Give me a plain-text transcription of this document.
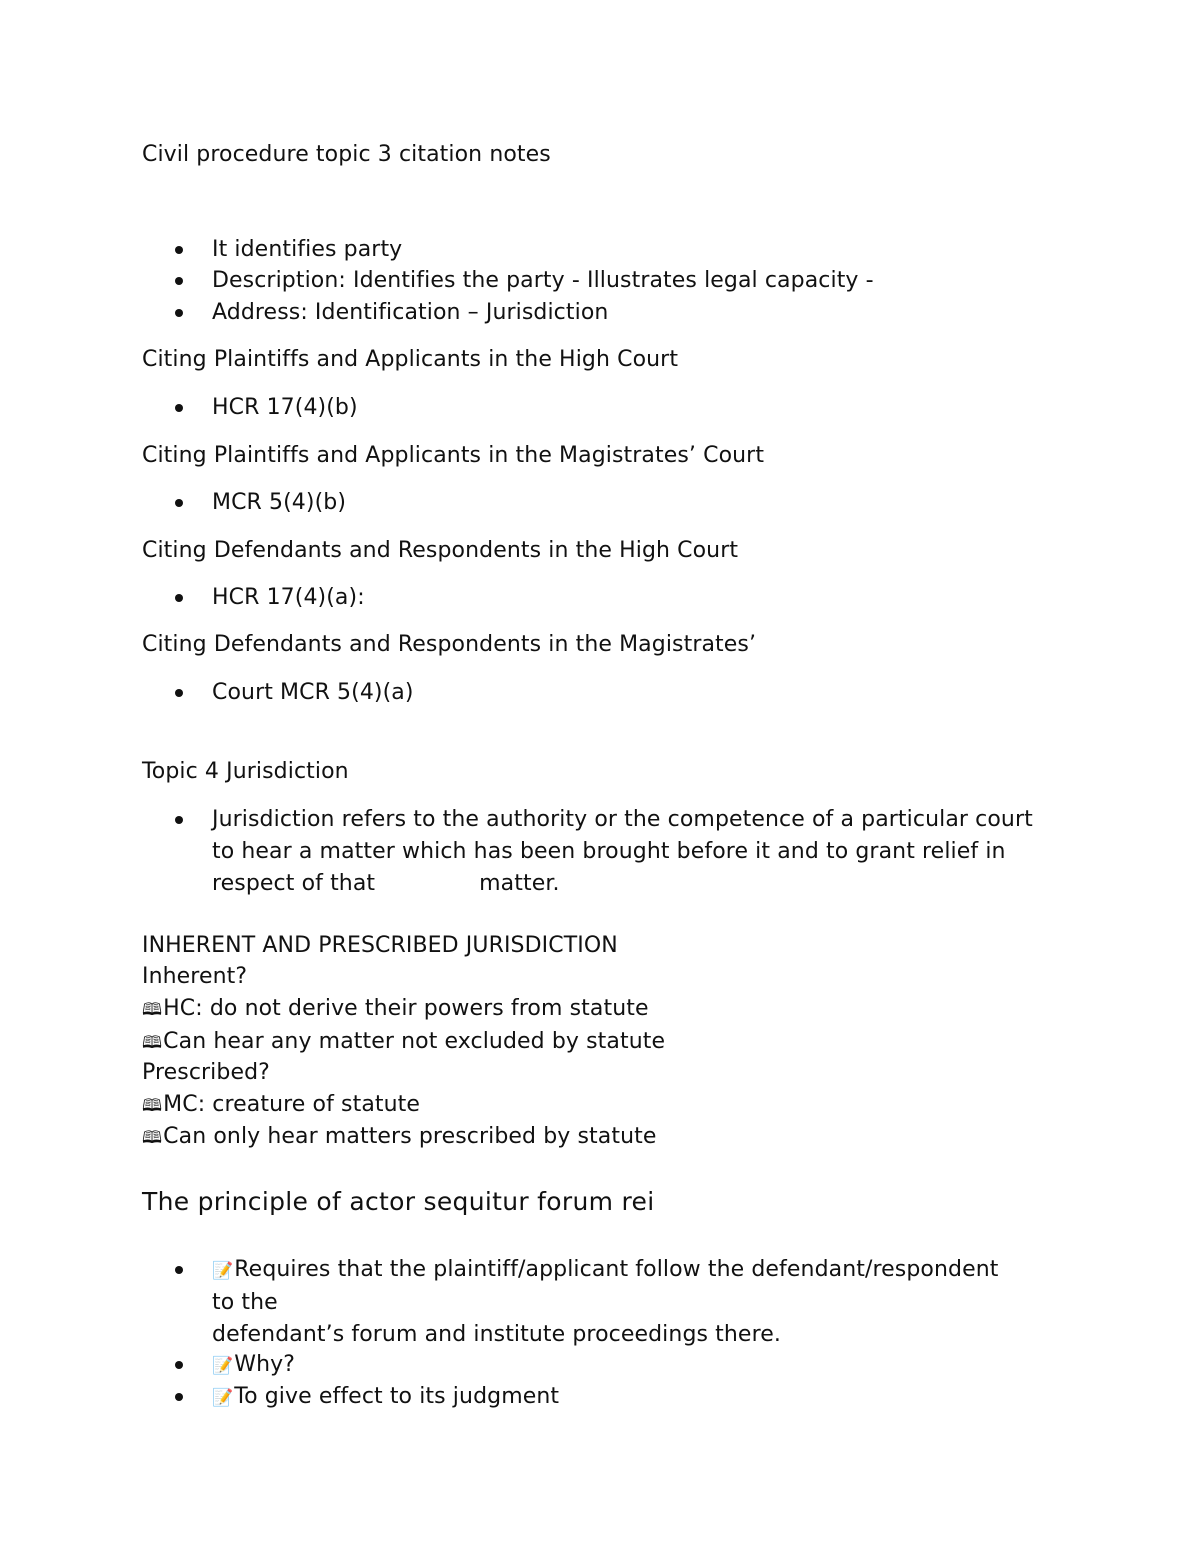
Civil procedure topic 3 citation notes
It identifies party
Description: Identifies the party - Illustrates legal capacity -
Address: Identification – Jurisdiction
Citing Plaintiffs and Applicants in the High Court
HCR 17(4)(b)
Citing Plaintiffs and Applicants in the Magistrates’ Court
MCR 5(4)(b)
Citing Defendants and Respondents in the High Court
HCR 17(4)(a):
Citing Defendants and Respondents in the Magistrates’
Court MCR 5(4)(a)
Topic 4 Jurisdiction
Jurisdiction refers to the authority or the competence of a particular court to hear a matter which has been brought before it and to grant relief in respect of that	matter.
INHERENT AND PRESCRIBED JURISDICTION
Inherent?
🕮HC: do not derive their powers from statute
🕮Can hear any matter not excluded by statute
Prescribed?
🕮MC: creature of statute
🕮Can only hear matters prescribed by statute
The principle of actor sequitur forum rei
📝Requires that the plaintiff/applicant follow the defendant/respondent
to the
defendant’s forum and institute proceedings there.
📝Why?
📝To give effect to its judgment
